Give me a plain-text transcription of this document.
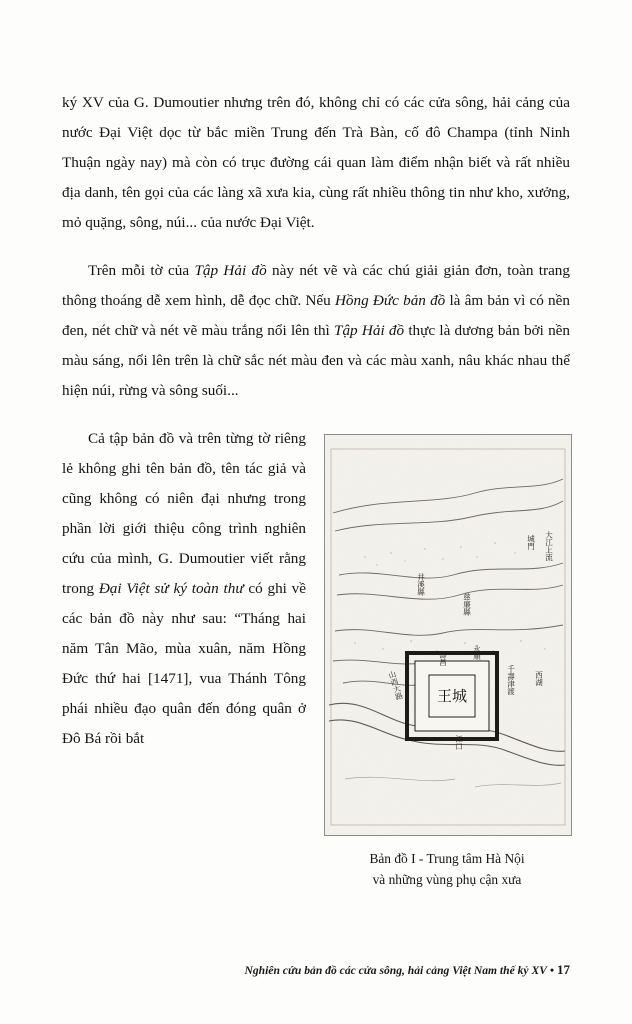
ký XV của G. Dumoutier nhưng trên đó, không chỉ có các cửa sông, hải cảng của nước Đại Việt dọc từ bắc miền Trung đến Trà Bàn, cố đô Champa (tỉnh Ninh Thuận ngày nay) mà còn có trục đường cái quan làm điểm nhận biết và rất nhiều địa danh, tên gọi của các làng xã xưa kia, cùng rất nhiều thông tin như kho, xưởng, mỏ quặng, sông, núi... của nước Đại Việt.

Trên mỗi tờ của Tập Hải đồ này nét vẽ và các chú giải giản đơn, toàn trang thông thoáng dễ xem hình, dễ đọc chữ. Nếu Hồng Đức bản đồ là âm bản vì có nền đen, nét chữ và nét vẽ màu trắng nổi lên thì Tập Hải đồ thực là dương bản bởi nền màu sáng, nổi lên trên là chữ sắc nét màu đen và các màu xanh, nâu khác nhau thể hiện núi, rừng và sông suối...

王城
城門 大江上流
井溪縣
慈廉縣
壽昌	永順
千壽津渡	西湖
山西大路
江口
Bản đồ I - Trung tâm Hà Nội
và những vùng phụ cận xưa

Cả tập bản đồ và trên từng tờ riêng lẻ không ghi tên bản đồ, tên tác giả và cũng không có niên đại nhưng trong phần lời giới thiệu công trình nghiên cứu của mình, G. Dumoutier viết rằng trong Đại Việt sử ký toàn thư có ghi về các bản đồ này như sau: “Tháng hai năm Tân Mão, mùa xuân, năm Hồng Đức thứ hai [1471], vua Thánh Tông phái nhiều đạo quân đến đóng quân ở Đô Bá rồi bắt

Nghiên cứu bản đồ các cửa sông, hải cảng Việt Nam thế kỷ XV • 17
